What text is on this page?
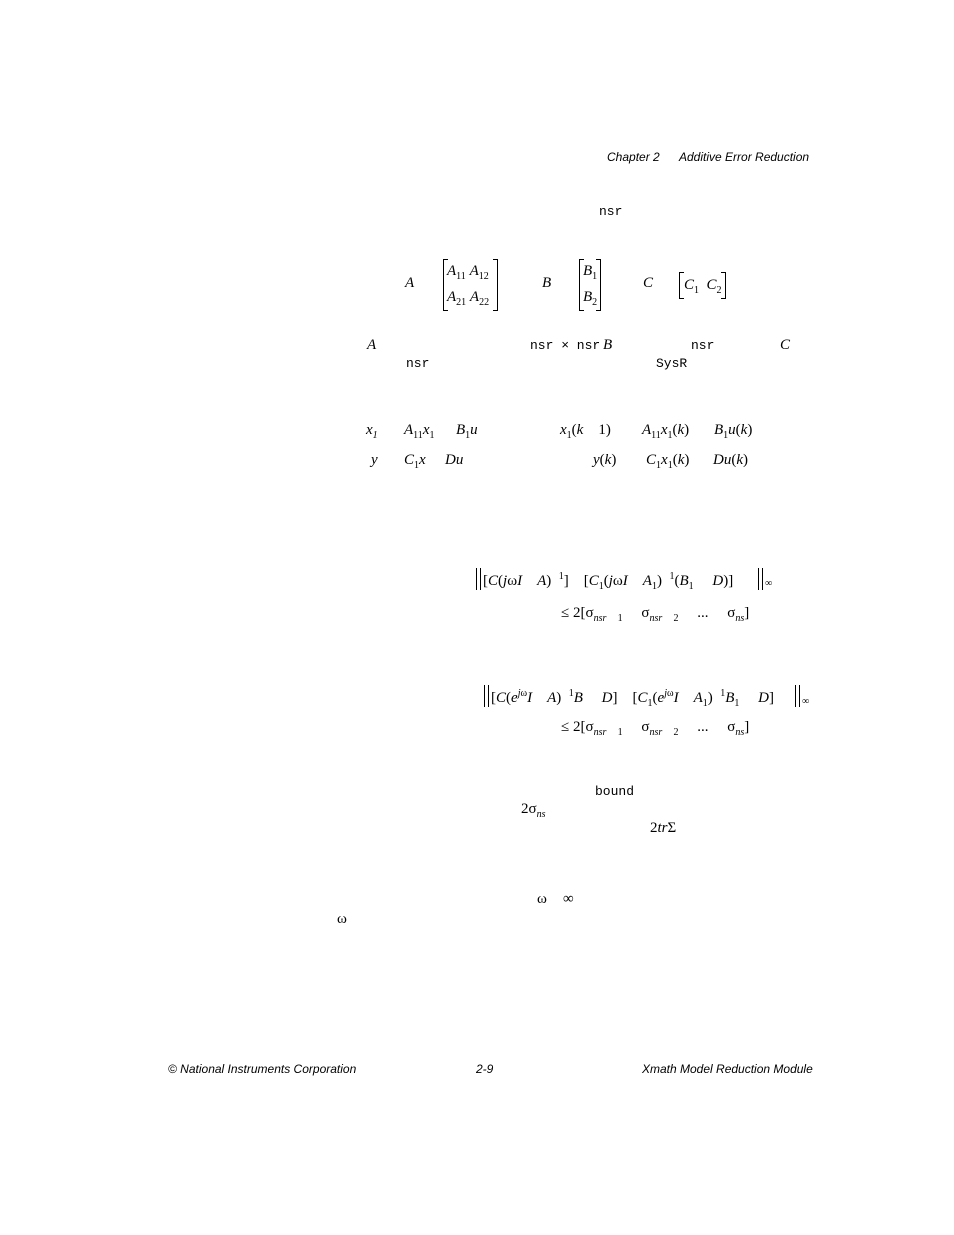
Chapter 2 Additive Error Reduction
nsr
A
$A_{11}$ $A_{12}$
$A_{21}$ $A_{22}$
B
$B_1$
$B_2$
C $C_1$ $C_2$
A	nsr × nsr B	nsr	C
nsr	SysR
$x_1$ $A_{11}x_1$ $B_1u$
y $C_1x$ Du
$x_1(k$    1) $A_{11}x_1(k)$ $B_1u(k)$
y(k) $C_1x_1(k)$ Du(k)
[C(jωI A)   $^1$]    [$C_1(j\omega I$ $A_1$)   $^1(B_1$ D)]	∞
≤ $2[\sigma_{nsr}$ $_1$     $\sigma_{nsr}$ $_2$     ...     $\sigma_{ns}$]
[$C(e^{j\omega}I$ A)   $^1$B D]    [$C_1(e^{j\omega}I$ $A_1$)   $^1B_1$ D]	∞
≤ $2[\sigma_{nsr}$ $_1$     $\sigma_{nsr}$ $_2$     ...     $\sigma_{ns}$]
bound
$2\sigma_{ns}$
2trΣ
ω ∞
ω
© National Instruments Corporation	2-9	Xmath Model Reduction Module
